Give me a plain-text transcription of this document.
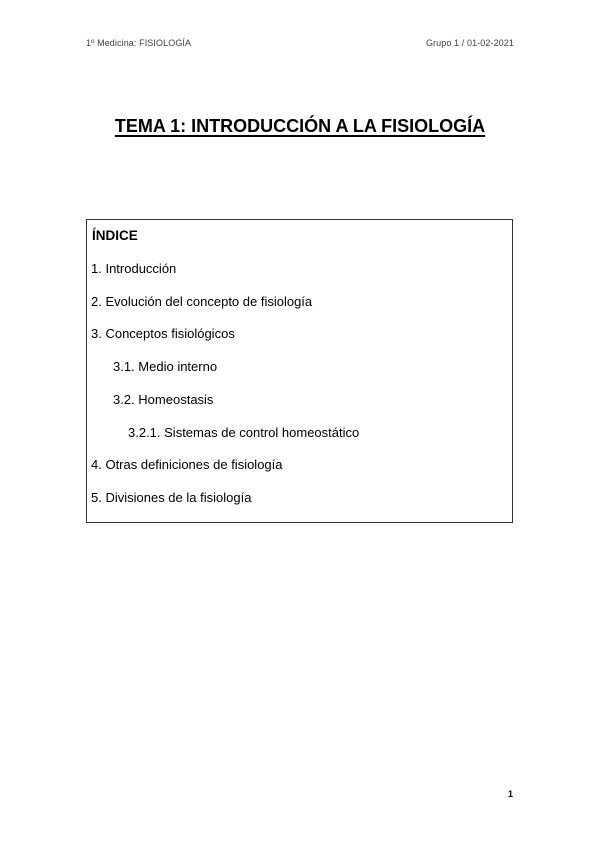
1º Medicina: FISIOLOGÍA	Grupo 1 / 01-02-2021
TEMA 1: INTRODUCCIÓN A LA FISIOLOGÍA
ÍNDICE
1. Introducción
2. Evolución del concepto de fisiología
3. Conceptos fisiológicos
3.1. Medio interno
3.2. Homeostasis
3.2.1. Sistemas de control homeostático
4. Otras definiciones de fisiología
5. Divisiones de la fisiología
1
